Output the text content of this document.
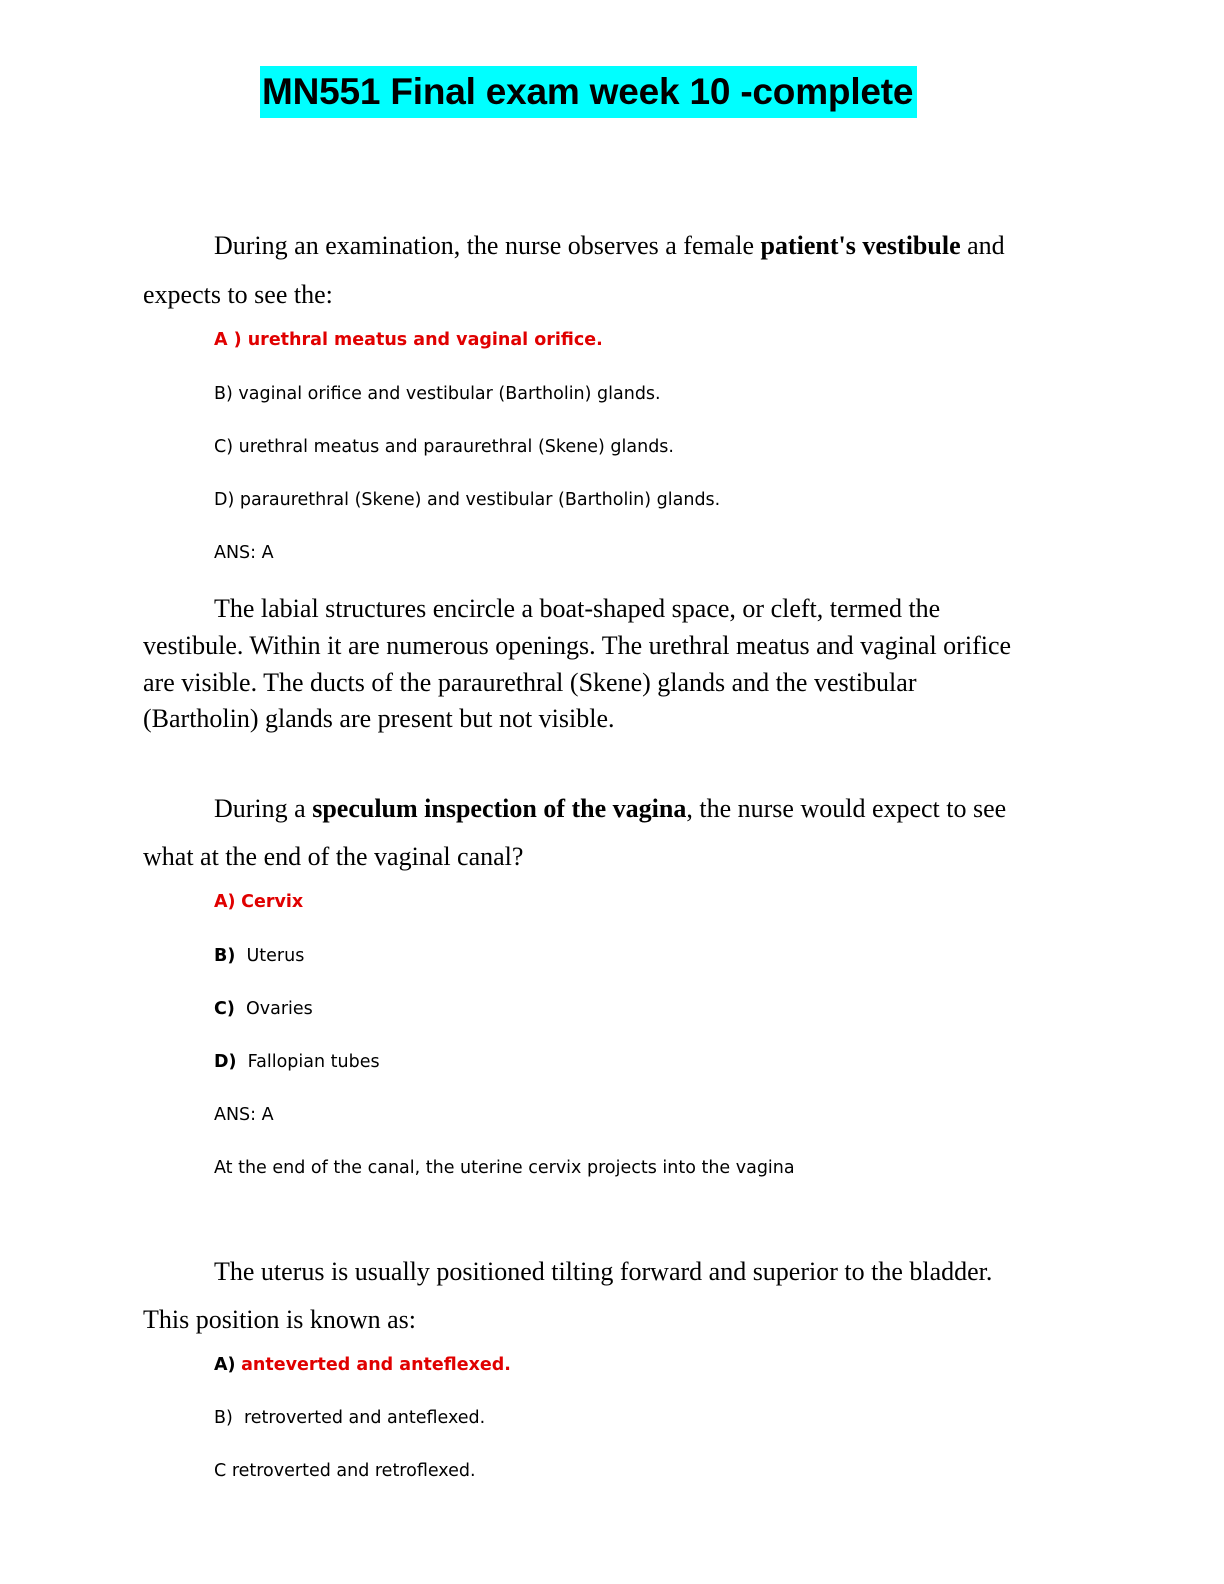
MN551 Final exam week 10 -complete
During an examination, the nurse observes a female patient's vestibule and
expects to see the:
A ) urethral meatus and vaginal orifice.
B) vaginal orifice and vestibular (Bartholin) glands.
C) urethral meatus and paraurethral (Skene) glands.
D) paraurethral (Skene) and vestibular (Bartholin) glands.
ANS: A
The labial structures encircle a boat-shaped space, or cleft, termed the
vestibule. Within it are numerous openings. The urethral meatus and vaginal orifice
are visible. The ducts of the paraurethral (Skene) glands and the vestibular
(Bartholin) glands are present but not visible.
During a speculum inspection of the vagina, the nurse would expect to see
what at the end of the vaginal canal?
A) Cervix
B) Uterus
C) Ovaries
D) Fallopian tubes
ANS: A
At the end of the canal, the uterine cervix projects into the vagina
The uterus is usually positioned tilting forward and superior to the bladder.
This position is known as:
A) anteverted and anteflexed.
B) retroverted and anteflexed.
C retroverted and retroflexed.
